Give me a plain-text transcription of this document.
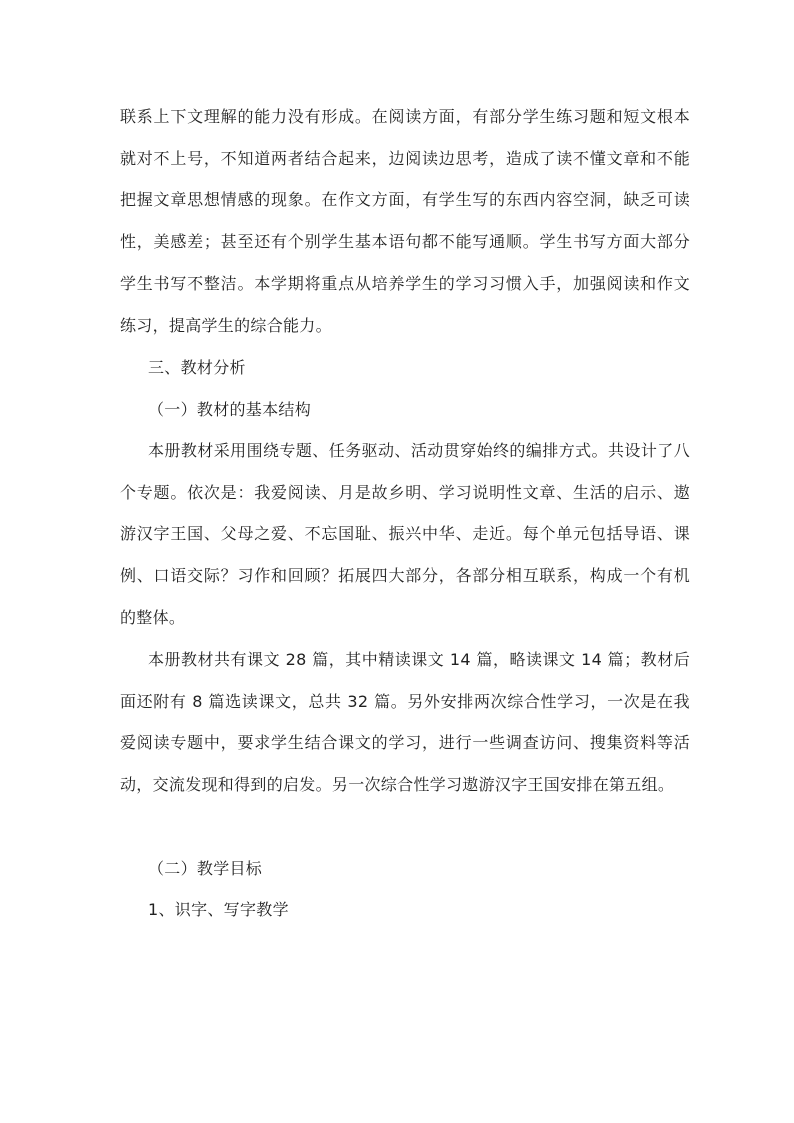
联系上下文理解的能力没有形成。在阅读方面，有部分学生练习题和短文根本就对不上号，不知道两者结合起来，边阅读边思考，造成了读不懂文章和不能把握文章思想情感的现象。在作文方面，有学生写的东西内容空洞，缺乏可读性，美感差；甚至还有个别学生基本语句都不能写通顺。学生书写方面大部分学生书写不整洁。本学期将重点从培养学生的学习习惯入手，加强阅读和作文练习，提高学生的综合能力。

三、教材分析

（一）教材的基本结构

本册教材采用围绕专题、任务驱动、活动贯穿始终的编排方式。共设计了八个专题。依次是：我爱阅读、月是故乡明、学习说明性文章、生活的启示、遨游汉字王国、父母之爱、不忘国耻、振兴中华、走近。每个单元包括导语、课例、口语交际？习作和回顾？拓展四大部分，各部分相互联系，构成一个有机的整体。

本册教材共有课文 28 篇，其中精读课文 14 篇，略读课文 14 篇；教材后面还附有 8 篇选读课文，总共 32 篇。另外安排两次综合性学习，一次是在我爱阅读专题中，要求学生结合课文的学习，进行一些调查访问、搜集资料等活动，交流发现和得到的启发。另一次综合性学习遨游汉字王国安排在第五组。

（二）教学目标

1、识字、写字教学
